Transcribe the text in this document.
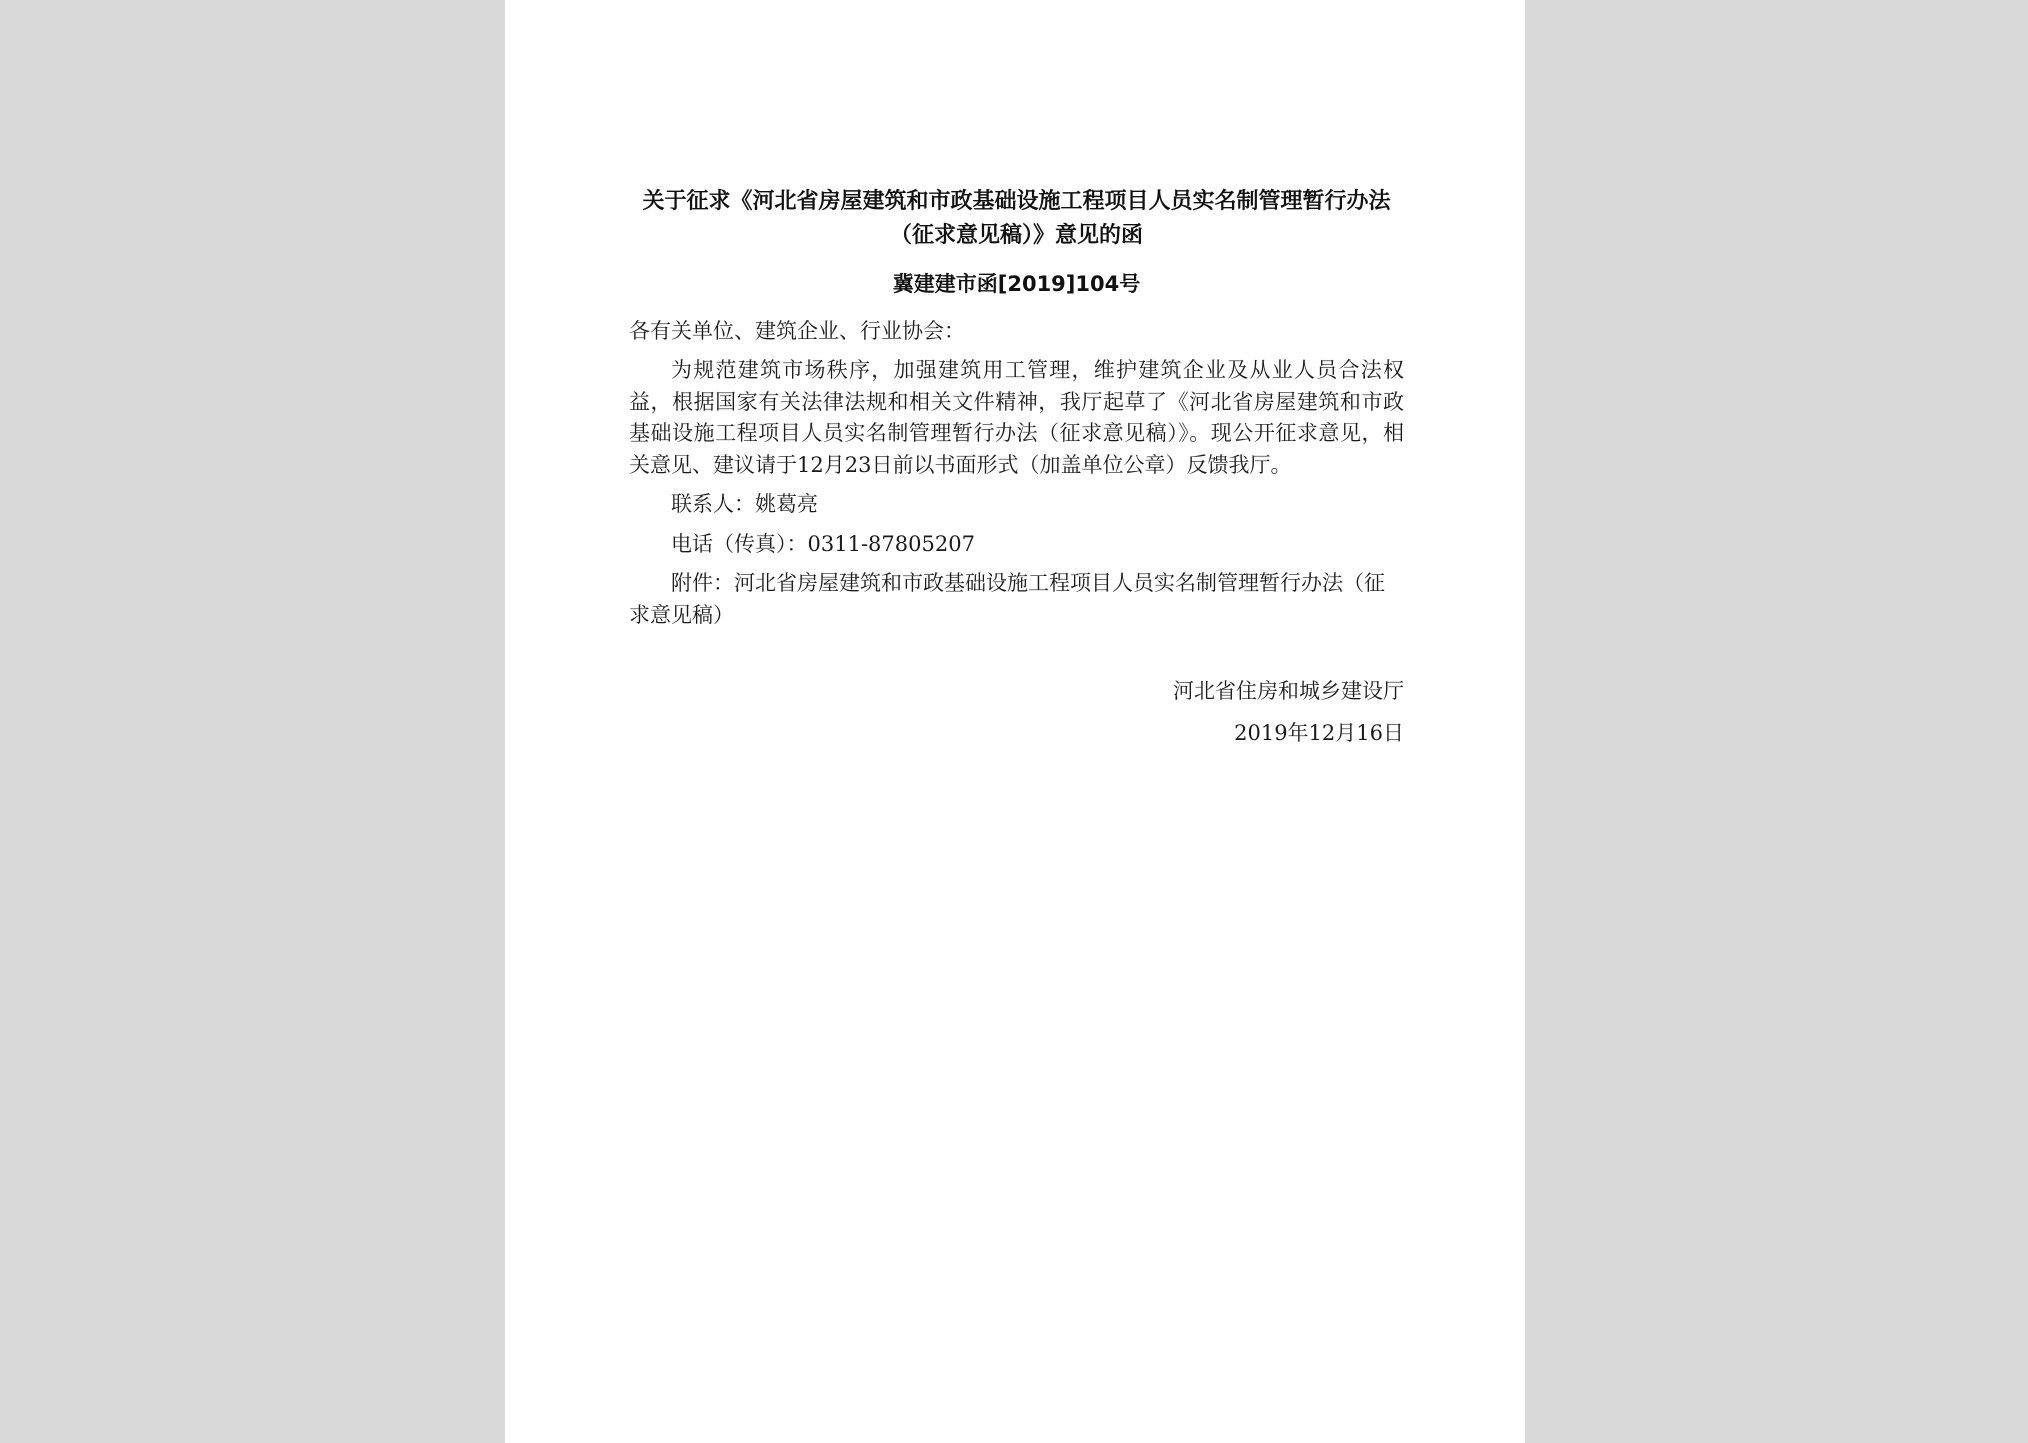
关于征求《河北省房屋建筑和市政基础设施工程项目人员实名制管理暂行办法（征求意见稿）》意见的函

冀建建市函[2019]104号

各有关单位、建筑企业、行业协会：

为规范建筑市场秩序，加强建筑用工管理，维护建筑企业及从业人员合法权益，根据国家有关法律法规和相关文件精神，我厅起草了《河北省房屋建筑和市政基础设施工程项目人员实名制管理暂行办法（征求意见稿）》。现公开征求意见，相关意见、建议请于12月23日前以书面形式（加盖单位公章）反馈我厅。

联系人：姚葛亮

电话（传真）：0311-87805207

附件：河北省房屋建筑和市政基础设施工程项目人员实名制管理暂行办法（征求意见稿）

河北省住房和城乡建设厅

2019年12月16日
